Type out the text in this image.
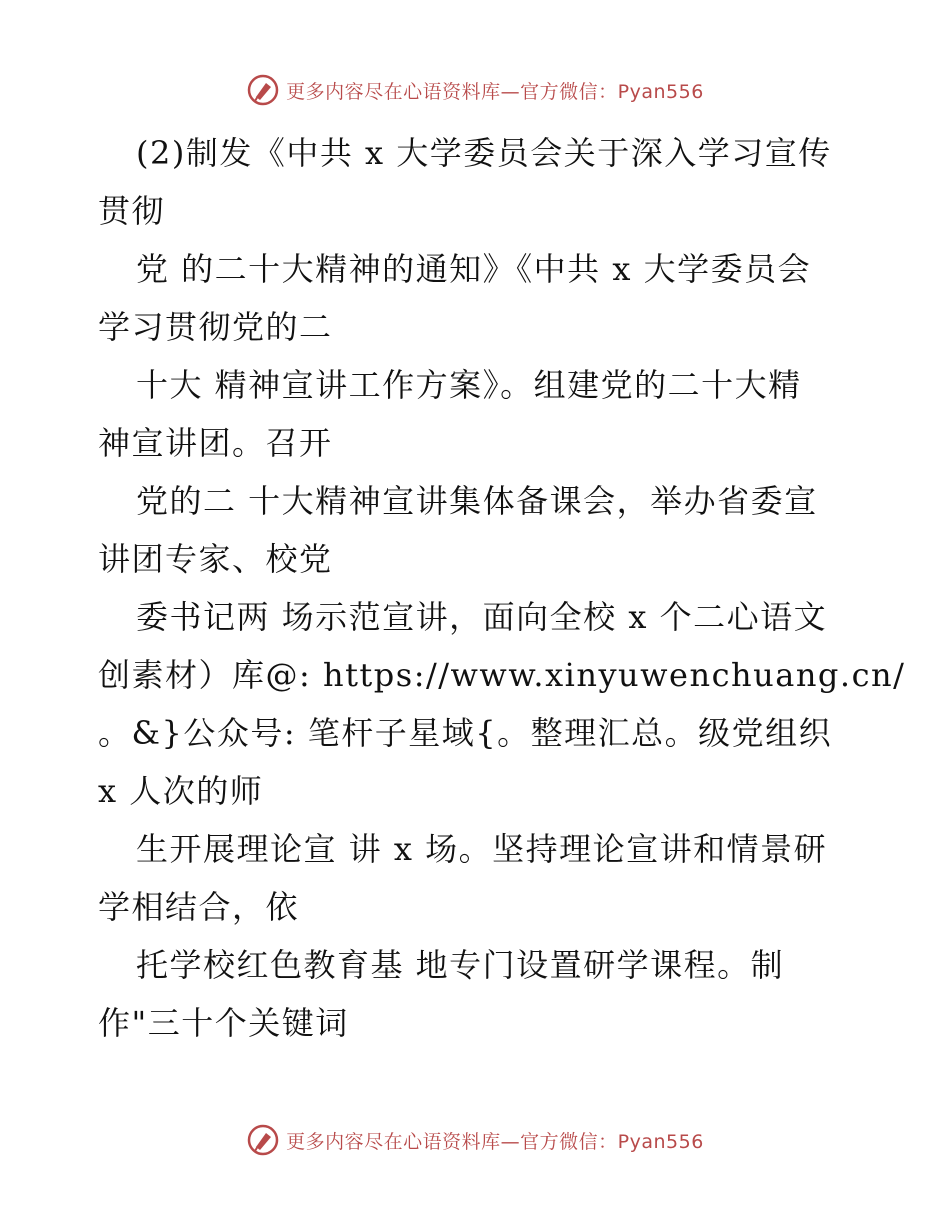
更多内容尽在心语资料库—官方微信：Pyan556
(2)制发《中共 x 大学委员会关于深入学习宣传
贯彻
党 的二十大精神的通知》《中共 x 大学委员会
学习贯彻党的二
十大 精神宣讲工作方案》。组建党的二十大精
神宣讲团。召开
党的二 十大精神宣讲集体备课会，举办省委宣
讲团专家、校党
委书记两 场示范宣讲，面向全校 x 个二心语文
创素材）库@: https://www.xinyuwenchuang.cn/
。&}公众号: 笔杆子星域{。整理汇总。级党组织
x 人次的师
生开展理论宣 讲 x 场。坚持理论宣讲和情景研
学相结合，依
托学校红色教育基 地专门设置研学课程。制
作"三十个关键词
更多内容尽在心语资料库—官方微信：Pyan556
